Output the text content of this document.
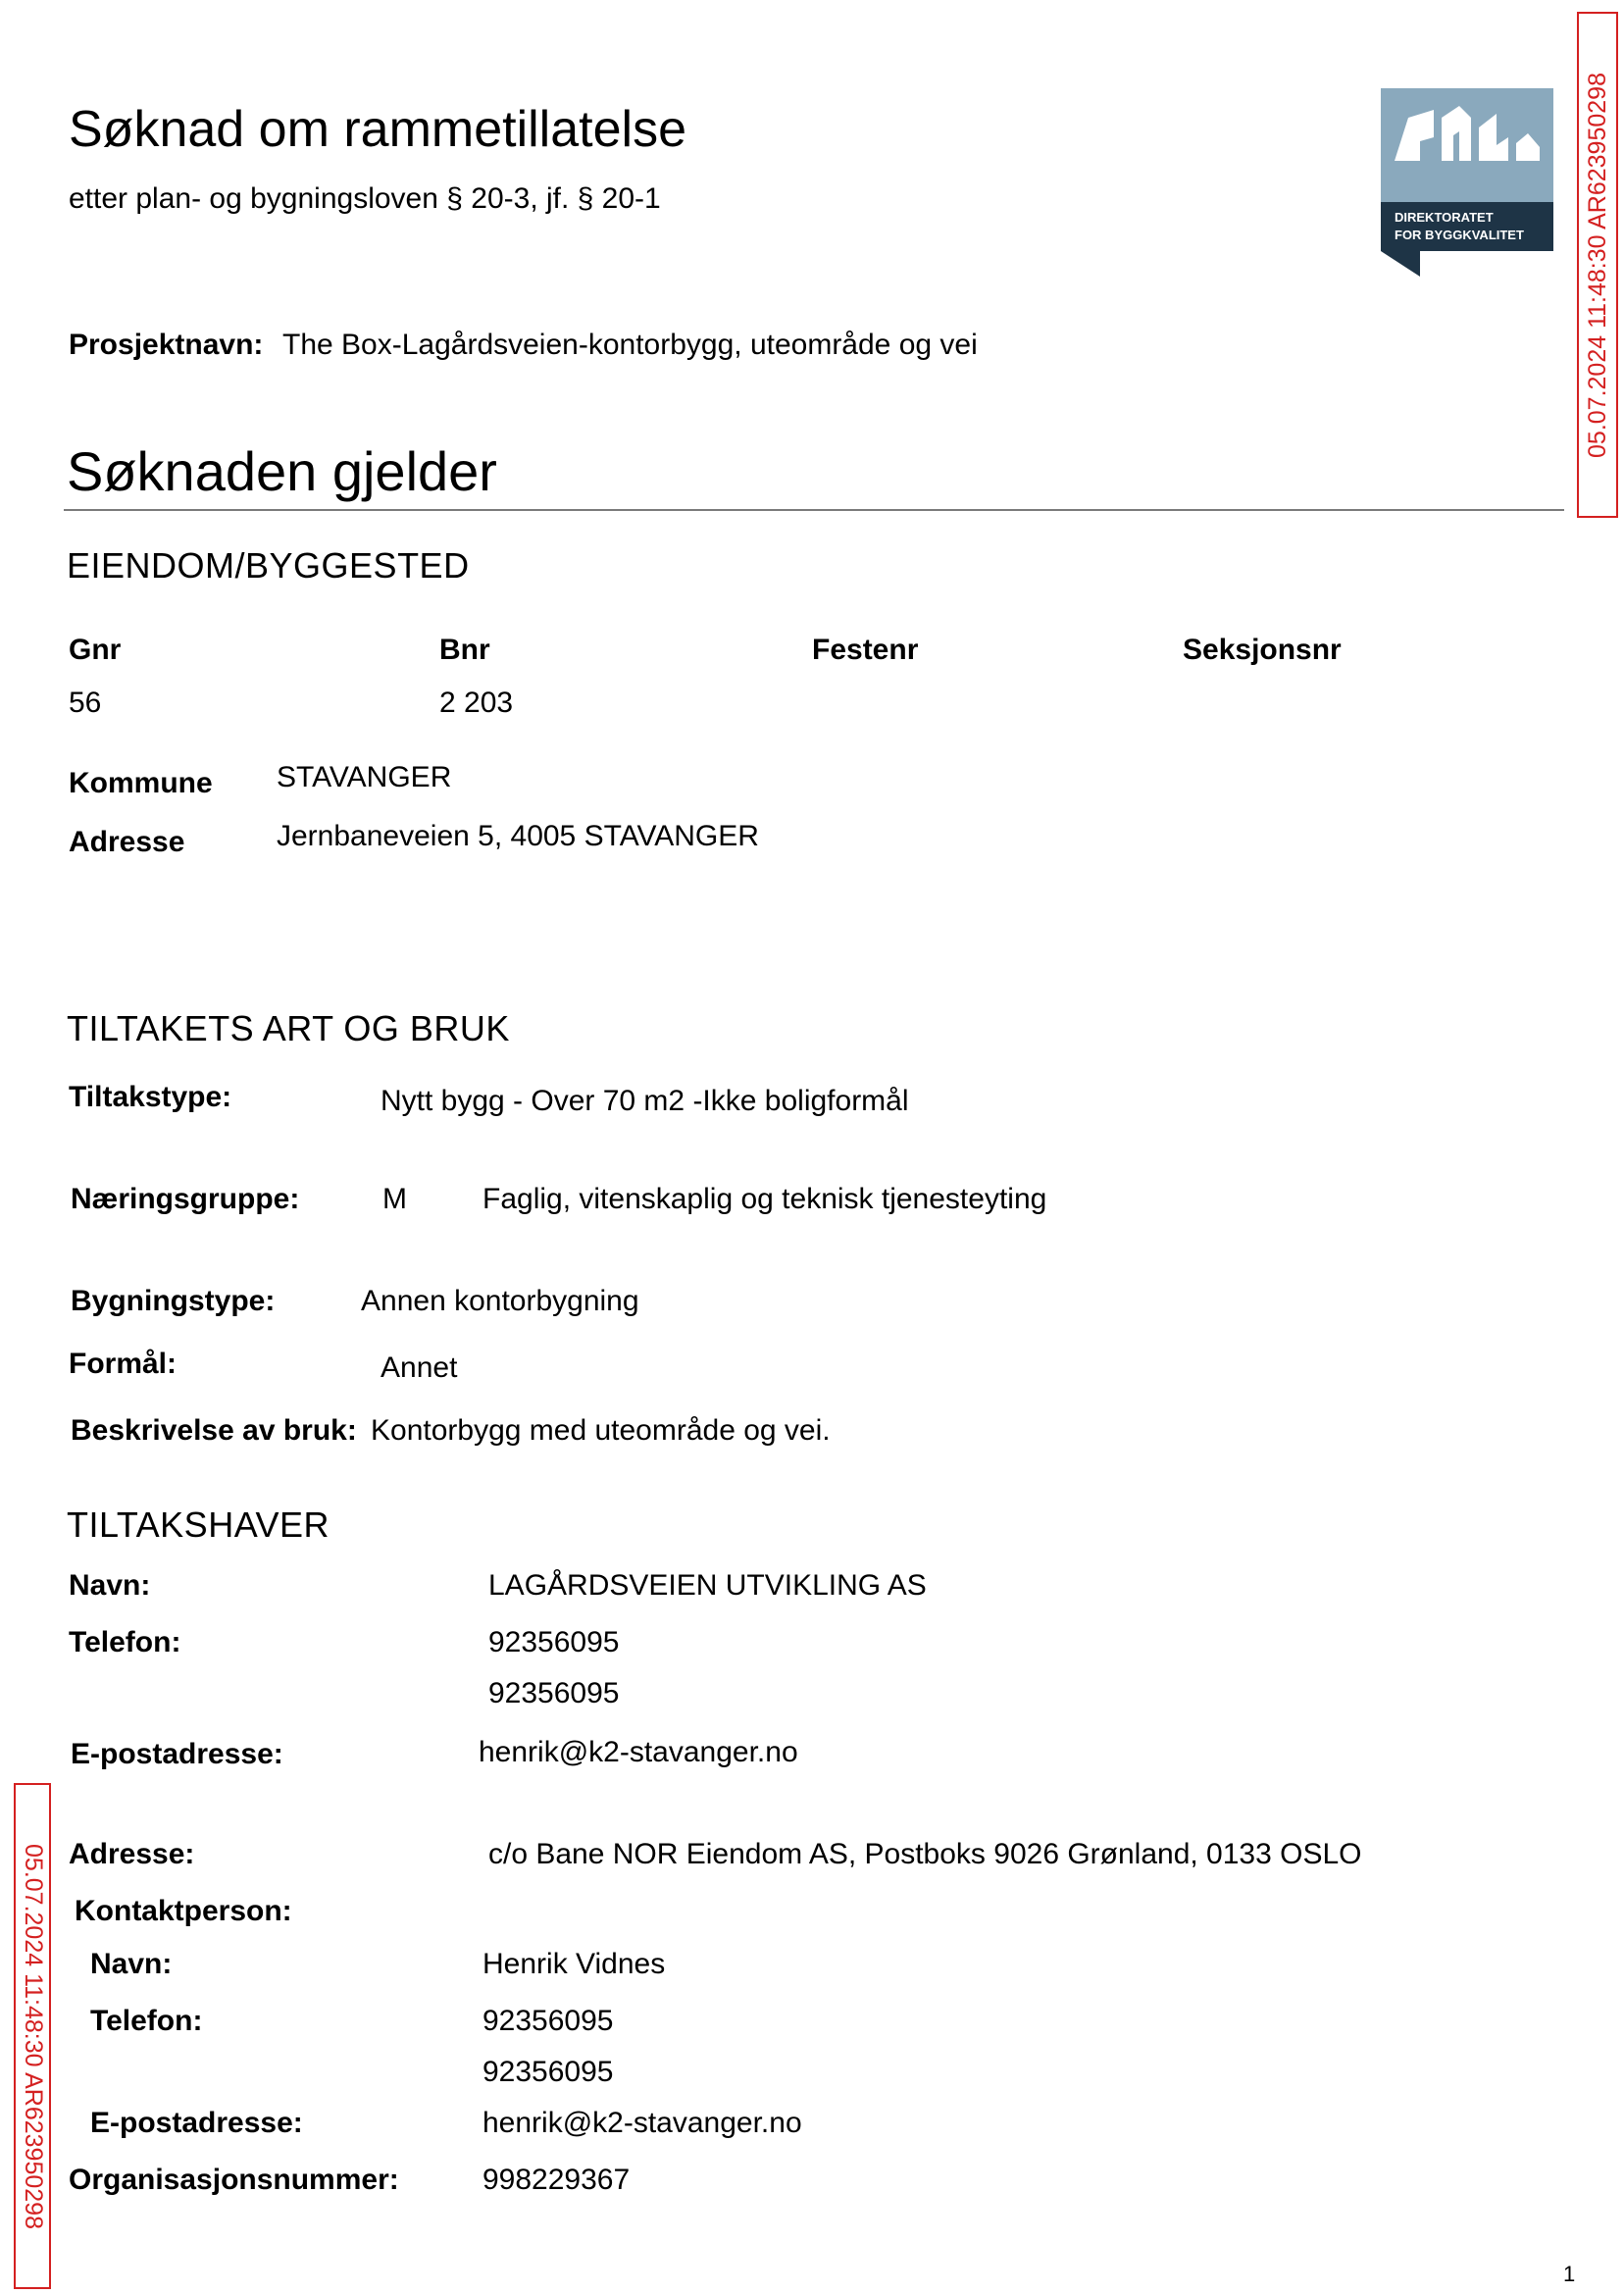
Søknad om rammetillatelse
etter plan- og bygningsloven § 20-3, jf. § 20-1
DIREKTORATET
FOR BYGGKVALITET 05.07.2024 11:48:30 AR623950298
05.07.2024 11:48:30 AR623950298
Prosjektnavn: The Box-Lagårdsveien-kontorbygg, uteområde og vei
Søknaden gjelder
EIENDOM/BYGGESTED
Gnr	Bnr	Festenr	Seksjonsnr
56	2 203
Kommune STAVANGER
Adresse	Jernbaneveien 5, 4005 STAVANGER
TILTAKETS ART OG BRUK
Tiltakstype:	Nytt bygg - Over 70 m2 -Ikke boligformål
Næringsgruppe:	M	Faglig, vitenskaplig og teknisk tjenesteyting
Bygningstype:	Annen kontorbygning
Formål:	Annet
Beskrivelse av bruk: Kontorbygg med uteområde og vei.
TILTAKSHAVER
Navn:	LAGÅRDSVEIEN UTVIKLING AS
Telefon:	92356095
92356095
E-postadresse:	henrik@k2-stavanger.no
Adresse:	c/o Bane NOR Eiendom AS, Postboks 9026 Grønland, 0133 OSLO
Kontaktperson:
Navn:	Henrik Vidnes
Telefon:	92356095
92356095
E-postadresse:	henrik@k2-stavanger.no
Organisasjonsnummer:	998229367
1
